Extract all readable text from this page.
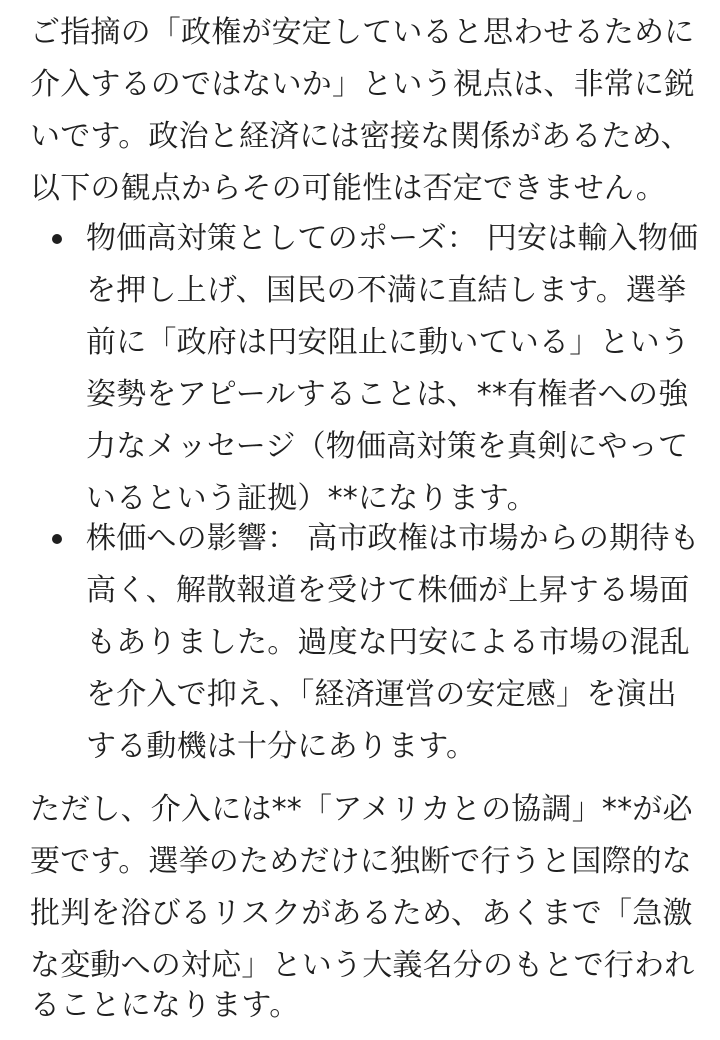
ご指摘の「政権が安定していると思わせるために
介入するのではないか」という視点は、非常に鋭
いです。政治と経済には密接な関係があるため、
以下の観点からその可能性は否定できません。
物価高対策としてのポーズ： 円安は輸入物価
を押し上げ、国民の不満に直結します。選挙
前に「政府は円安阻止に動いている」という
姿勢をアピールすることは、**有権者への強
力なメッセージ（物価高対策を真剣にやって
いるという証拠）**になります。
株価への影響： 高市政権は市場からの期待も
高く、解散報道を受けて株価が上昇する場面
もありました。過度な円安による市場の混乱
を介入で抑え、「経済運営の安定感」を演出
する動機は十分にあります。
ただし、介入には**「アメリカとの協調」**が必
要です。選挙のためだけに独断で行うと国際的な
批判を浴びるリスクがあるため、あくまで「急激
な変動への対応」という大義名分のもとで行われ
ることになります。
